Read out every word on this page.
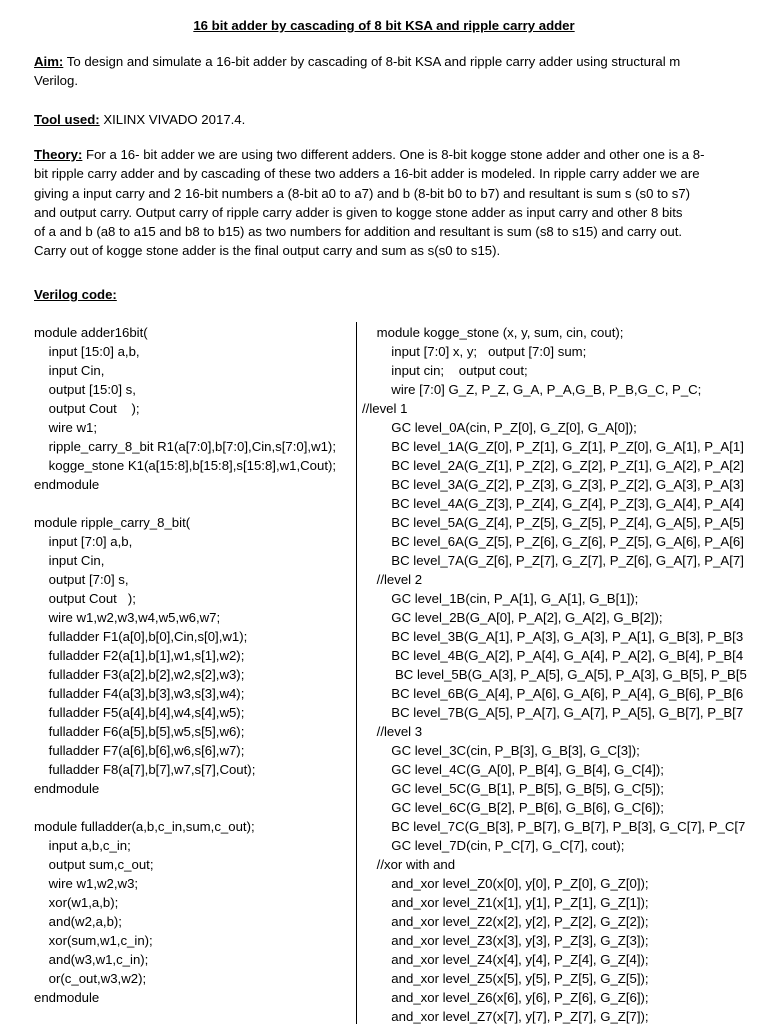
16 bit adder by cascading of 8 bit KSA and ripple carry adder
Aim: To design and simulate a 16-bit adder by cascading of 8-bit KSA and ripple carry adder using structural m
Verilog.
Tool used: XILINX VIVADO 2017.4.
Theory: For a 16- bit adder we are using two different adders. One is 8-bit kogge stone adder and other one is a 8-
bit ripple carry adder and by cascading of these two adders a 16-bit adder is modeled. In ripple carry adder we are
giving a input carry and 2 16-bit numbers a (8-bit a0 to a7) and b (8-bit b0 to b7) and resultant is sum s (s0 to s7)
and output carry. Output carry of ripple carry adder is given to kogge stone adder as input carry and other 8 bits
of a and b (a8 to a15 and b8 to b15) as two numbers for addition and resultant is sum (s8 to s15) and carry out.
Carry out of kogge stone adder is the final output carry and sum as s(s0 to s15).
Verilog code:
module adder16bit(
input [15:0] a,b,
input Cin,
output [15:0] s,
output Cout    );
wire w1;
ripple_carry_8_bit R1(a[7:0],b[7:0],Cin,s[7:0],w1);
kogge_stone K1(a[15:8],b[15:8],s[15:8],w1,Cout);
endmodule
module ripple_carry_8_bit(
input [7:0] a,b,
input Cin,
output [7:0] s,
output Cout   );
wire w1,w2,w3,w4,w5,w6,w7;
fulladder F1(a[0],b[0],Cin,s[0],w1);
fulladder F2(a[1],b[1],w1,s[1],w2);
fulladder F3(a[2],b[2],w2,s[2],w3);
fulladder F4(a[3],b[3],w3,s[3],w4);
fulladder F5(a[4],b[4],w4,s[4],w5);
fulladder F6(a[5],b[5],w5,s[5],w6);
fulladder F7(a[6],b[6],w6,s[6],w7);
fulladder F8(a[7],b[7],w7,s[7],Cout);
endmodule
module fulladder(a,b,c_in,sum,c_out);
input a,b,c_in;
output sum,c_out;
wire w1,w2,w3;
xor(w1,a,b);
and(w2,a,b);
xor(sum,w1,c_in);
and(w3,w1,c_in);
or(c_out,w3,w2);
endmodule
module kogge_stone (x, y, sum, cin, cout);
input [7:0] x, y;   output [7:0] sum;
input cin;    output cout;
wire [7:0] G_Z, P_Z, G_A, P_A,G_B, P_B,G_C, P_C;
//level 1
GC level_0A(cin, P_Z[0], G_Z[0], G_A[0]);
BC level_1A(G_Z[0], P_Z[1], G_Z[1], P_Z[0], G_A[1], P_A[1]
BC level_2A(G_Z[1], P_Z[2], G_Z[2], P_Z[1], G_A[2], P_A[2]
BC level_3A(G_Z[2], P_Z[3], G_Z[3], P_Z[2], G_A[3], P_A[3]
BC level_4A(G_Z[3], P_Z[4], G_Z[4], P_Z[3], G_A[4], P_A[4]
BC level_5A(G_Z[4], P_Z[5], G_Z[5], P_Z[4], G_A[5], P_A[5]
BC level_6A(G_Z[5], P_Z[6], G_Z[6], P_Z[5], G_A[6], P_A[6]
BC level_7A(G_Z[6], P_Z[7], G_Z[7], P_Z[6], G_A[7], P_A[7]
//level 2
GC level_1B(cin, P_A[1], G_A[1], G_B[1]);
GC level_2B(G_A[0], P_A[2], G_A[2], G_B[2]);
BC level_3B(G_A[1], P_A[3], G_A[3], P_A[1], G_B[3], P_B[3
BC level_4B(G_A[2], P_A[4], G_A[4], P_A[2], G_B[4], P_B[4
BC level_5B(G_A[3], P_A[5], G_A[5], P_A[3], G_B[5], P_B[5
BC level_6B(G_A[4], P_A[6], G_A[6], P_A[4], G_B[6], P_B[6
BC level_7B(G_A[5], P_A[7], G_A[7], P_A[5], G_B[7], P_B[7
//level 3
GC level_3C(cin, P_B[3], G_B[3], G_C[3]);
GC level_4C(G_A[0], P_B[4], G_B[4], G_C[4]);
GC level_5C(G_B[1], P_B[5], G_B[5], G_C[5]);
GC level_6C(G_B[2], P_B[6], G_B[6], G_C[6]);
BC level_7C(G_B[3], P_B[7], G_B[7], P_B[3], G_C[7], P_C[7
GC level_7D(cin, P_C[7], G_C[7], cout);
//xor with and
and_xor level_Z0(x[0], y[0], P_Z[0], G_Z[0]);
and_xor level_Z1(x[1], y[1], P_Z[1], G_Z[1]);
and_xor level_Z2(x[2], y[2], P_Z[2], G_Z[2]);
and_xor level_Z3(x[3], y[3], P_Z[3], G_Z[3]);
and_xor level_Z4(x[4], y[4], P_Z[4], G_Z[4]);
and_xor level_Z5(x[5], y[5], P_Z[5], G_Z[5]);
and_xor level_Z6(x[6], y[6], P_Z[6], G_Z[6]);
and_xor level_Z7(x[7], y[7], P_Z[7], G_Z[7]);
